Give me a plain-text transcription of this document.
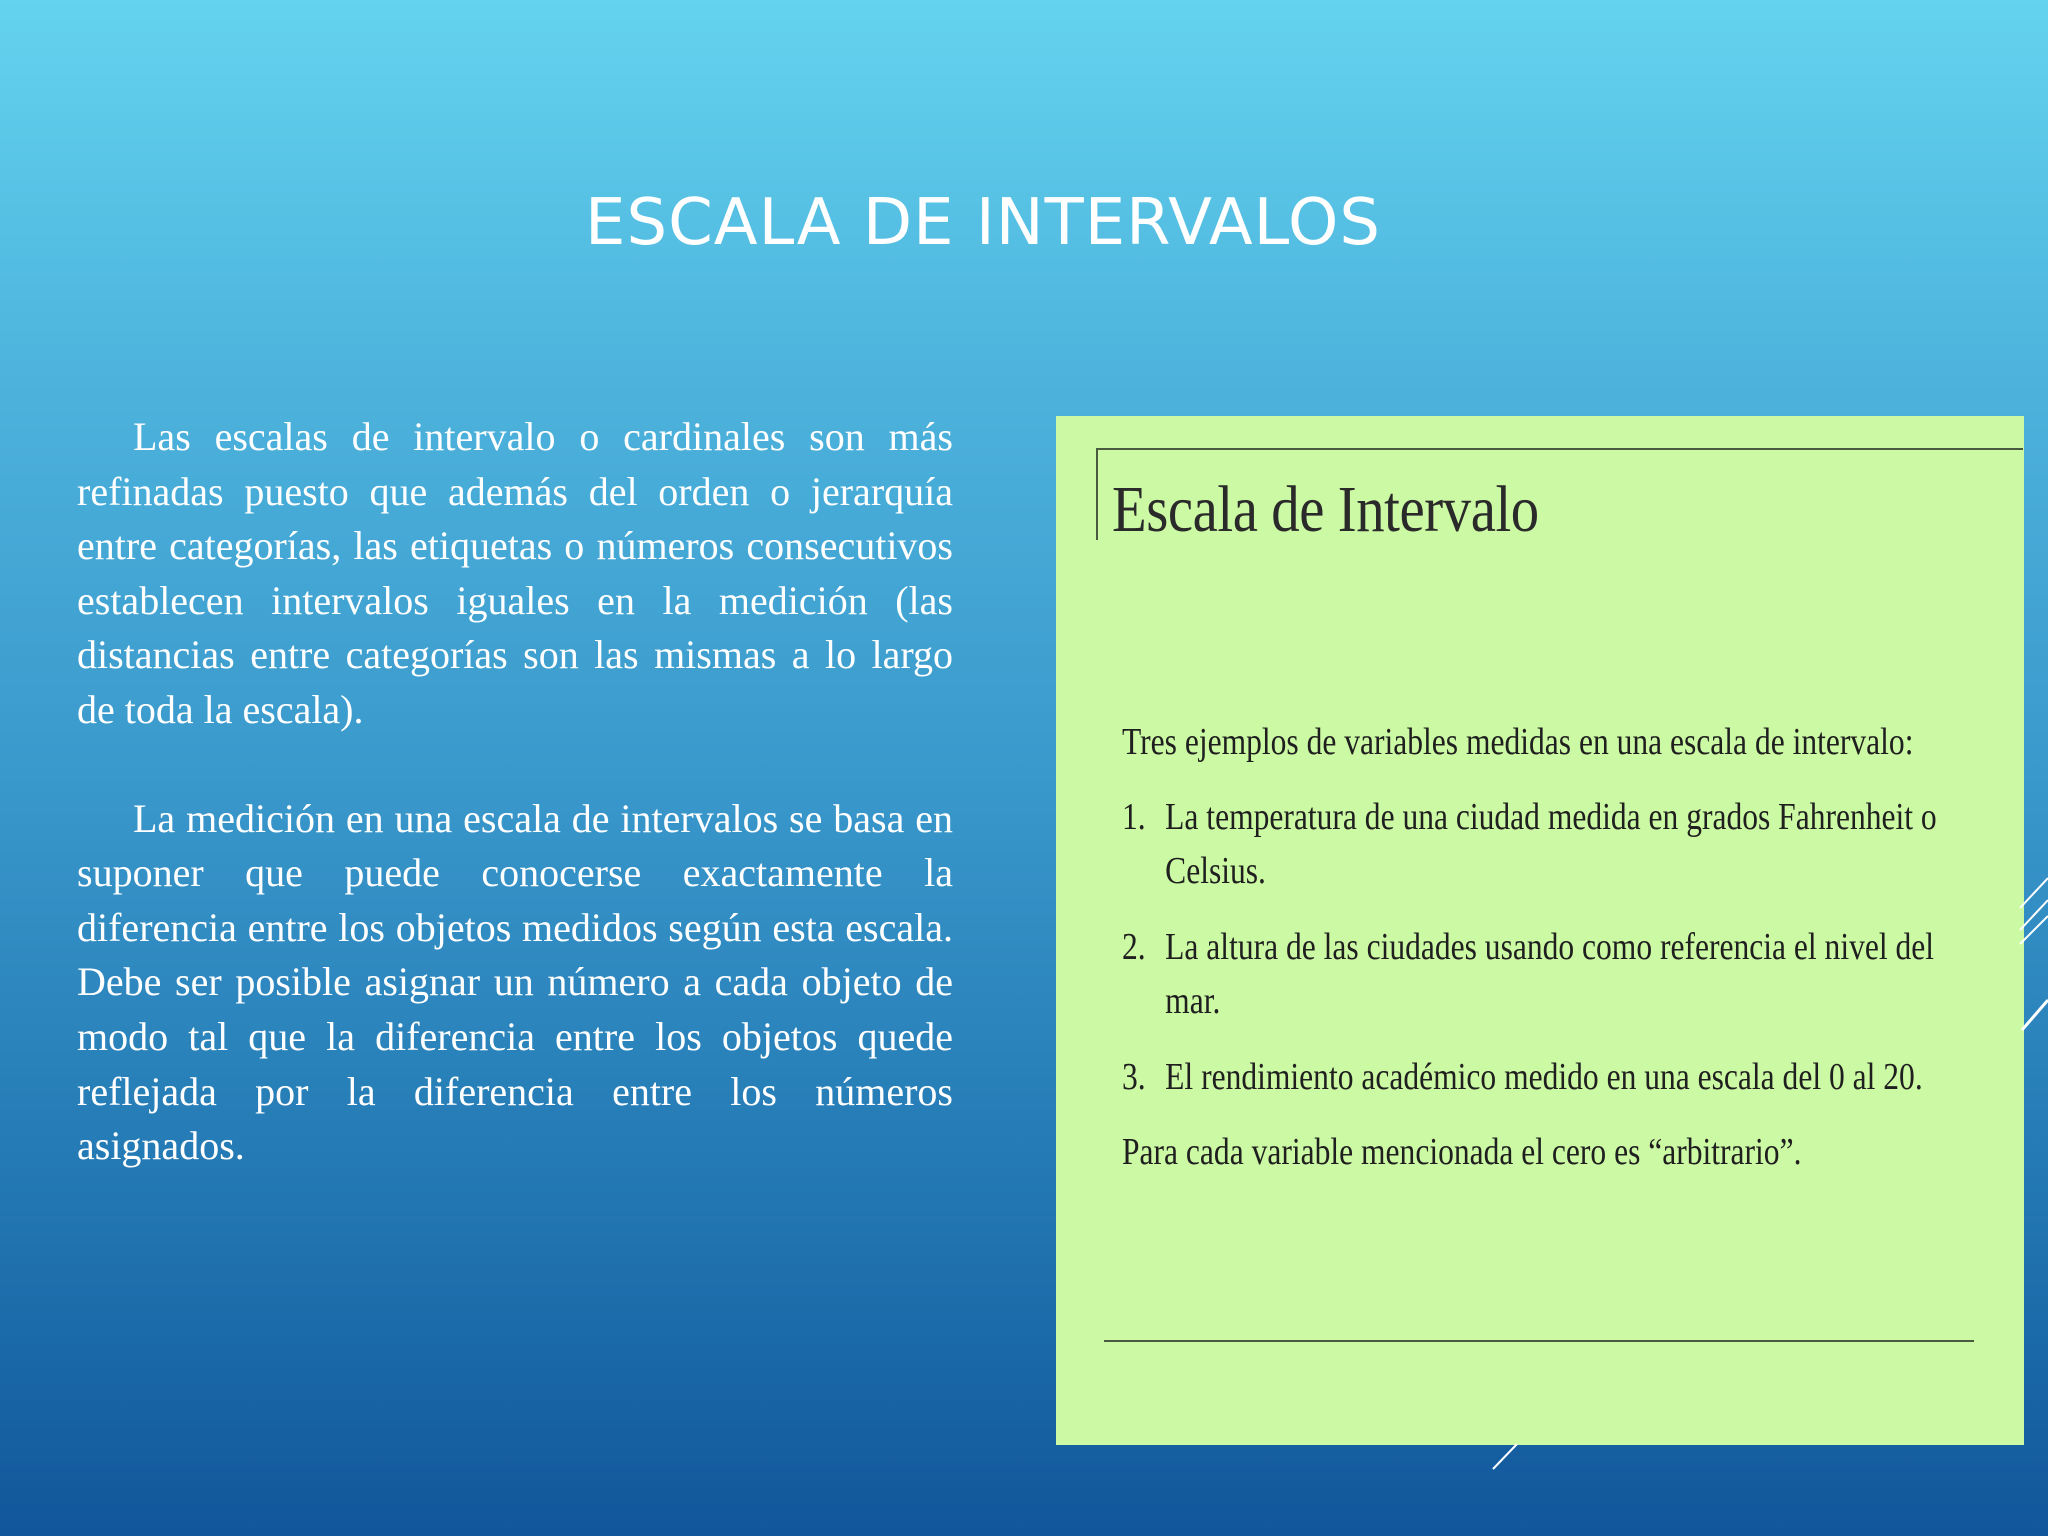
ESCALA DE INTERVALOS

Las escalas de intervalo o cardinales son más refinadas puesto que además del orden o jerarquía entre categorías, las etiquetas o números consecutivos establecen intervalos iguales en la medición (las distancias entre categorías son las mismas a lo largo de toda la escala).

La medición en una escala de intervalos se basa en suponer que puede conocerse exactamente la diferencia entre los objetos medidos según esta escala. Debe ser posible asignar un número a cada objeto de modo tal que la diferencia entre los objetos quede reflejada por la diferencia entre los números asignados.

Escala de Intervalo

Tres ejemplos de variables medidas en una escala de intervalo:

1. La temperatura de una ciudad medida en grados Fahrenheit o Celsius.
2. La altura de las ciudades usando como referencia el nivel del mar.
3. El rendimiento académico medido en una escala del 0 al 20.

Para cada variable mencionada el cero es “arbitrario”.
